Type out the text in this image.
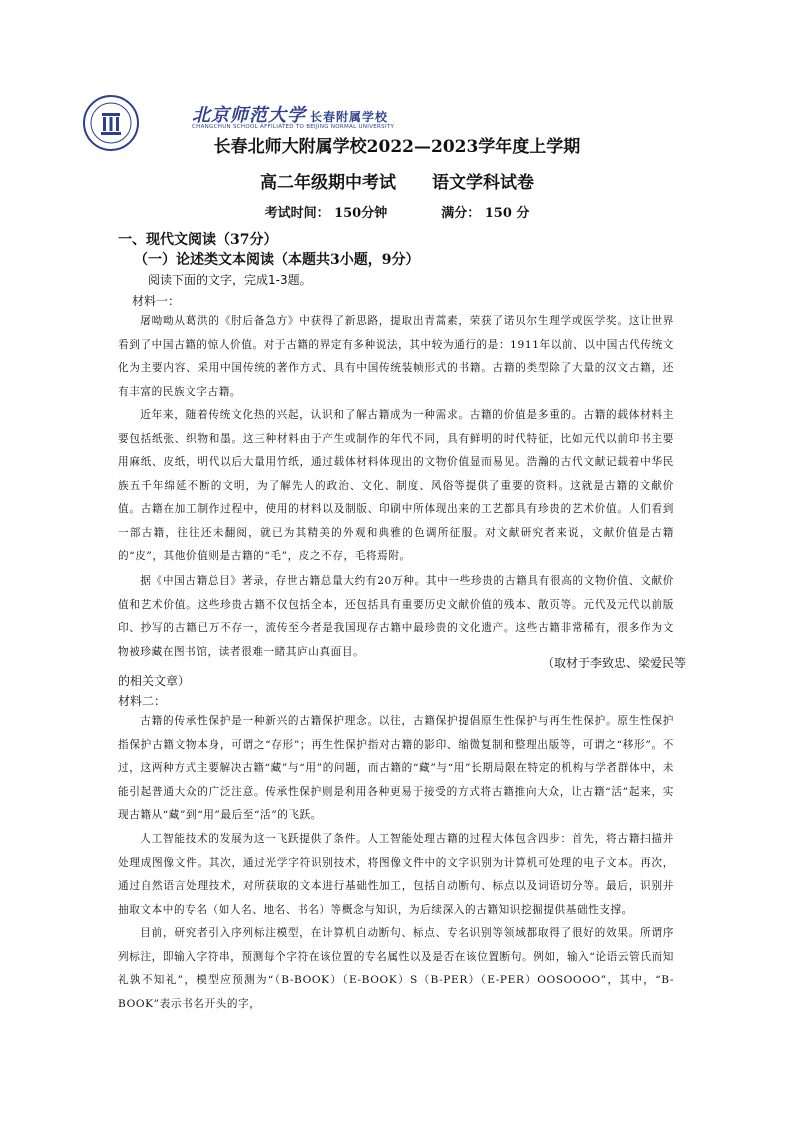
北京师范大学 长春附属学校
CHANGCHUN SCHOOL AFFILIATED TO BEIJING NORMAL UNIVERSITY
长春北师大附属学校2022—2023学年度上学期
高二年级期中考试 语文学科试卷
考试时间： 150分钟	满分： 150 分
一、现代文阅读（37分）
（一）论述类文本阅读（本题共3小题，9分）
阅读下面的文字，完成1-3题。
材料一：

屠呦呦从葛洪的《肘后备急方》中获得了新思路，提取出青蒿素，荣获了诺贝尔生理学或医学奖。这让世界看到了中国古籍的惊人价值。对于古籍的界定有多种说法，其中较为通行的是：1911年以前、以中国古代传统文化为主要内容、采用中国传统的著作方式、具有中国传统装帧形式的书籍。古籍的类型除了大量的汉文古籍，还有丰富的民族文字古籍。

近年来，随着传统文化热的兴起，认识和了解古籍成为一种需求。古籍的价值是多重的。古籍的载体材料主要包括纸张、织物和墨。这三种材料由于产生或制作的年代不同，具有鲜明的时代特征，比如元代以前印书主要用麻纸、皮纸，明代以后大量用竹纸，通过载体材料体现出的文物价值显而易见。浩瀚的古代文献记载着中华民族五千年绵延不断的文明，为了解先人的政治、文化、制度、风俗等提供了重要的资料。这就是古籍的文献价值。古籍在加工制作过程中，使用的材料以及制版、印刷中所体现出来的工艺都具有珍贵的艺术价值。人们看到一部古籍，往往还未翻阅，就已为其精美的外观和典雅的色调所征服。对文献研究者来说，文献价值是古籍的“皮”，其他价值则是古籍的“毛”，皮之不存，毛将焉附。

据《中国古籍总目》著录，存世古籍总量大约有20万种。其中一些珍贵的古籍具有很高的文物价值、文献价值和艺术价值。这些珍贵古籍不仅包括全本，还包括具有重要历史文献价值的残本、散页等。元代及元代以前版印、抄写的古籍已万不存一，流传至今者是我国现存古籍中最珍贵的文化遗产。这些古籍非常稀有，很多作为文物被珍藏在图书馆，读者很难一睹其庐山真面目。

（取材于李致忠、梁爱民等
的相关文章）
材料二：

古籍的传承性保护是一种新兴的古籍保护理念。以往，古籍保护提倡原生性保护与再生性保护。原生性保护指保护古籍文物本身，可谓之“存形”；再生性保护指对古籍的影印、缩微复制和整理出版等，可谓之“移形”。不过，这两种方式主要解决古籍“藏”与“用”的问题，而古籍的“藏”与“用”长期局限在特定的机构与学者群体中，未能引起普通大众的广泛注意。传承性保护则是利用各种更易于接受的方式将古籍推向大众，让古籍“活”起来，实现古籍从“藏”到“用”最后至“活”的飞跃。

人工智能技术的发展为这一飞跃提供了条件。人工智能处理古籍的过程大体包含四步：首先，将古籍扫描并处理成图像文件。其次，通过光学字符识别技术，将图像文件中的文字识别为计算机可处理的电子文本。再次，通过自然语言处理技术，对所获取的文本进行基础性加工，包括自动断句、标点以及词语切分等。最后，识别并抽取文本中的专名（如人名、地名、书名）等概念与知识，为后续深入的古籍知识挖掘提供基础性支撑。

目前，研究者引入序列标注模型，在计算机自动断句、标点、专名识别等领域都取得了很好的效果。所谓序列标注，即输入字符串，预测每个字符在该位置的专名属性以及是否在该位置断句。例如，输入“论语云管氏而知礼孰不知礼”，模型应预测为“（B-BOOK）（E-BOOK）S（B-PER）（E-PER）OOSOOOO”，其中，“B-BOOK”表示书名开头的字，
